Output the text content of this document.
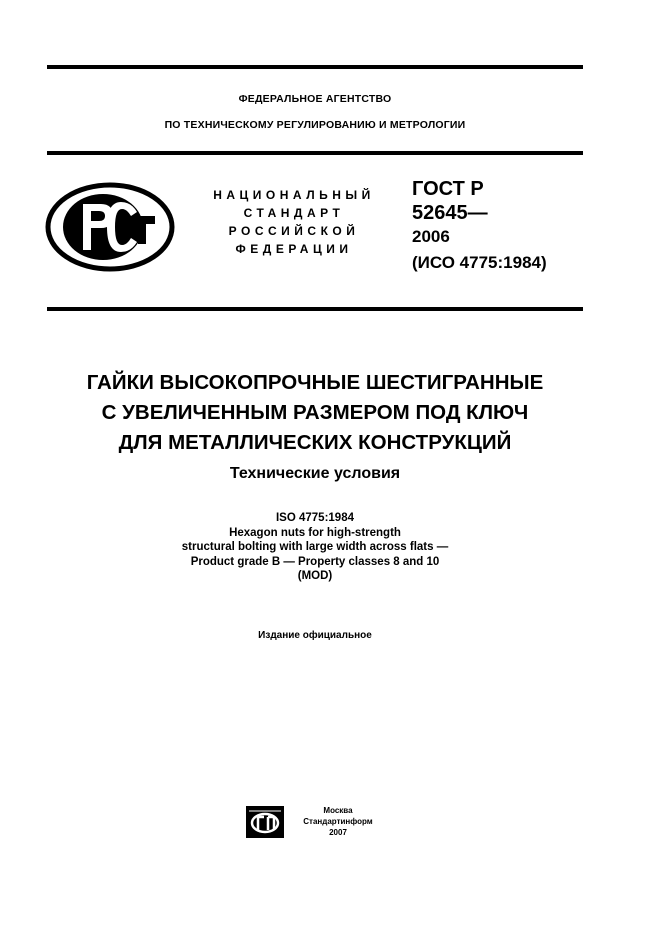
ФЕДЕРАЛЬНОЕ АГЕНТСТВО
ПО ТЕХНИЧЕСКОМУ РЕГУЛИРОВАНИЮ И МЕТРОЛОГИИ
НАЦИОНАЛЬНЫЙ
СТАНДАРТ
РОССИЙСКОЙ
ФЕДЕРАЦИИ
ГОСТ Р
52645—
2006
(ИСО 4775:1984)
ГАЙКИ ВЫСОКОПРОЧНЫЕ ШЕСТИГРАННЫЕ
С УВЕЛИЧЕННЫМ РАЗМЕРОМ ПОД КЛЮЧ
ДЛЯ МЕТАЛЛИЧЕСКИХ КОНСТРУКЦИЙ
Технические условия
ISO 4775:1984
Hexagon nuts for high-strength
structural bolting with large width across flats —
Product grade B — Property classes 8 and 10
(MOD)
Издание официальное
Москва
Стандартинформ
2007
